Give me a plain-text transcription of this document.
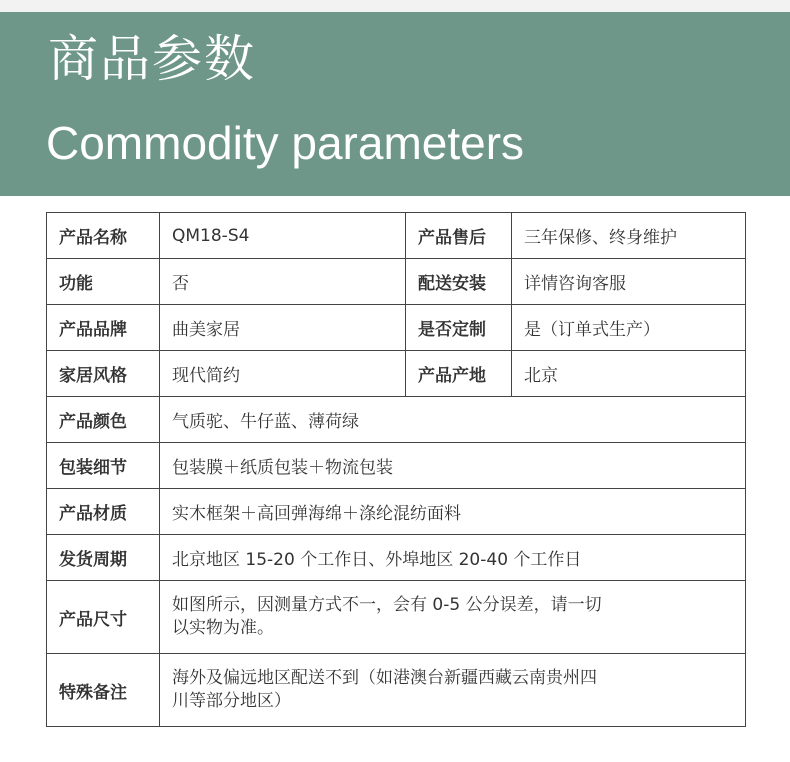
商品参数
Commodity parameters
产品名称	QM18-S4	产品售后	三年保修、终身维护
功能	否	配送安装	详情咨询客服
产品品牌	曲美家居	是否定制	是（订单式生产）
家居风格	现代简约	产品产地	北京
产品颜色	气质驼、牛仔蓝、薄荷绿		
包装细节	包装膜＋纸质包装＋物流包装		
产品材质	实木框架＋高回弹海绵＋涤纶混纺面料		
发货周期	北京地区 15-20 个工作日、外埠地区 20-40 个工作日		
产品尺寸	如图所示，因测量方式不一，会有 0-5 公分误差，请一切
以实物为准。		

特殊备注	海外及偏远地区配送不到（如港澳台新疆西藏云南贵州四
川等部分地区）		
